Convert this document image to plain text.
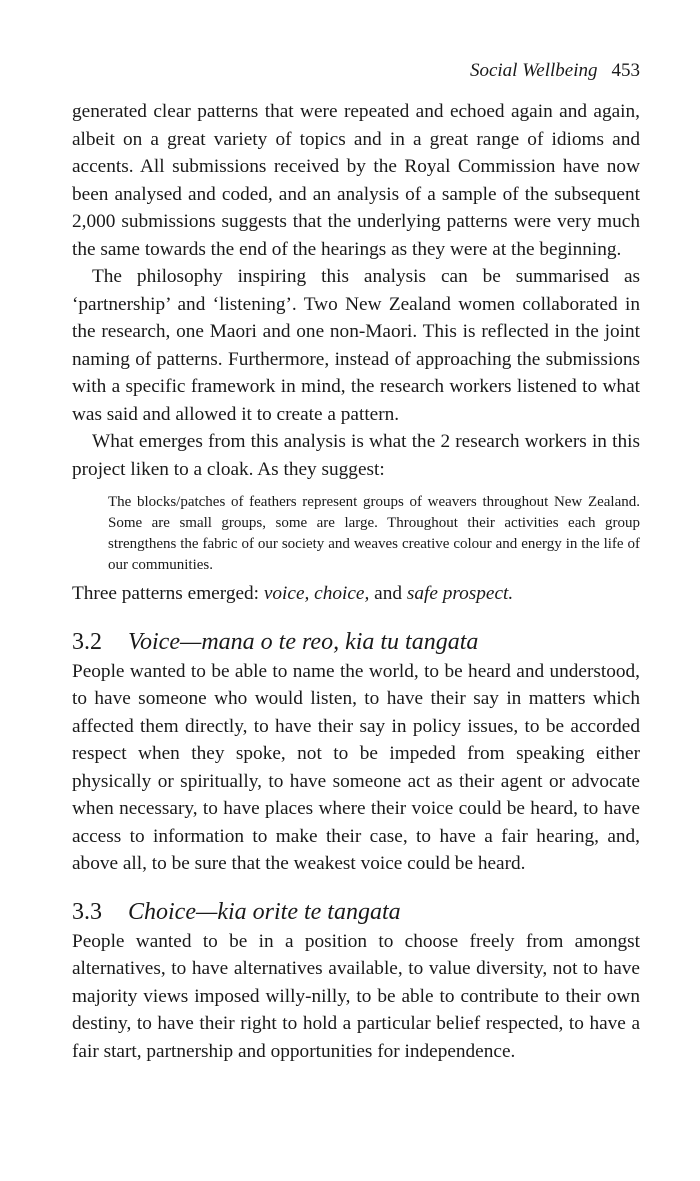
Social Wellbeing 453

generated clear patterns that were repeated and echoed again and again, albeit on a great variety of topics and in a great range of idioms and accents. All submissions received by the Royal Commission have now been analysed and coded, and an analysis of a sample of the subsequent 2,000 submissions suggests that the underlying patterns were very much the same towards the end of the hearings as they were at the beginning.

The philosophy inspiring this analysis can be summarised as ‘partnership’ and ‘listening’. Two New Zealand women collaborated in the research, one Maori and one non-Maori. This is reflected in the joint naming of patterns. Furthermore, instead of approaching the submissions with a specific framework in mind, the research workers listened to what was said and allowed it to create a pattern.

What emerges from this analysis is what the 2 research workers in this project liken to a cloak. As they suggest:

The blocks/patches of feathers represent groups of weavers throughout New Zealand. Some are small groups, some are large. Throughout their activities each group strengthens the fabric of our society and weaves creative colour and energy in the life of our communities.

Three patterns emerged: voice, choice, and safe prospect.

3.2 Voice—mana o te reo, kia tu tangata

People wanted to be able to name the world, to be heard and understood, to have someone who would listen, to have their say in matters which affected them directly, to have their say in policy issues, to be accorded respect when they spoke, not to be impeded from speaking either physically or spiritually, to have someone act as their agent or advocate when necessary, to have places where their voice could be heard, to have access to information to make their case, to have a fair hearing, and, above all, to be sure that the weakest voice could be heard.

3.3 Choice—kia orite te tangata

People wanted to be in a position to choose freely from amongst alternatives, to have alternatives available, to value diversity, not to have majority views imposed willy-nilly, to be able to contribute to their own destiny, to have their right to hold a particular belief respected, to have a fair start, partnership and opportunities for independence.
